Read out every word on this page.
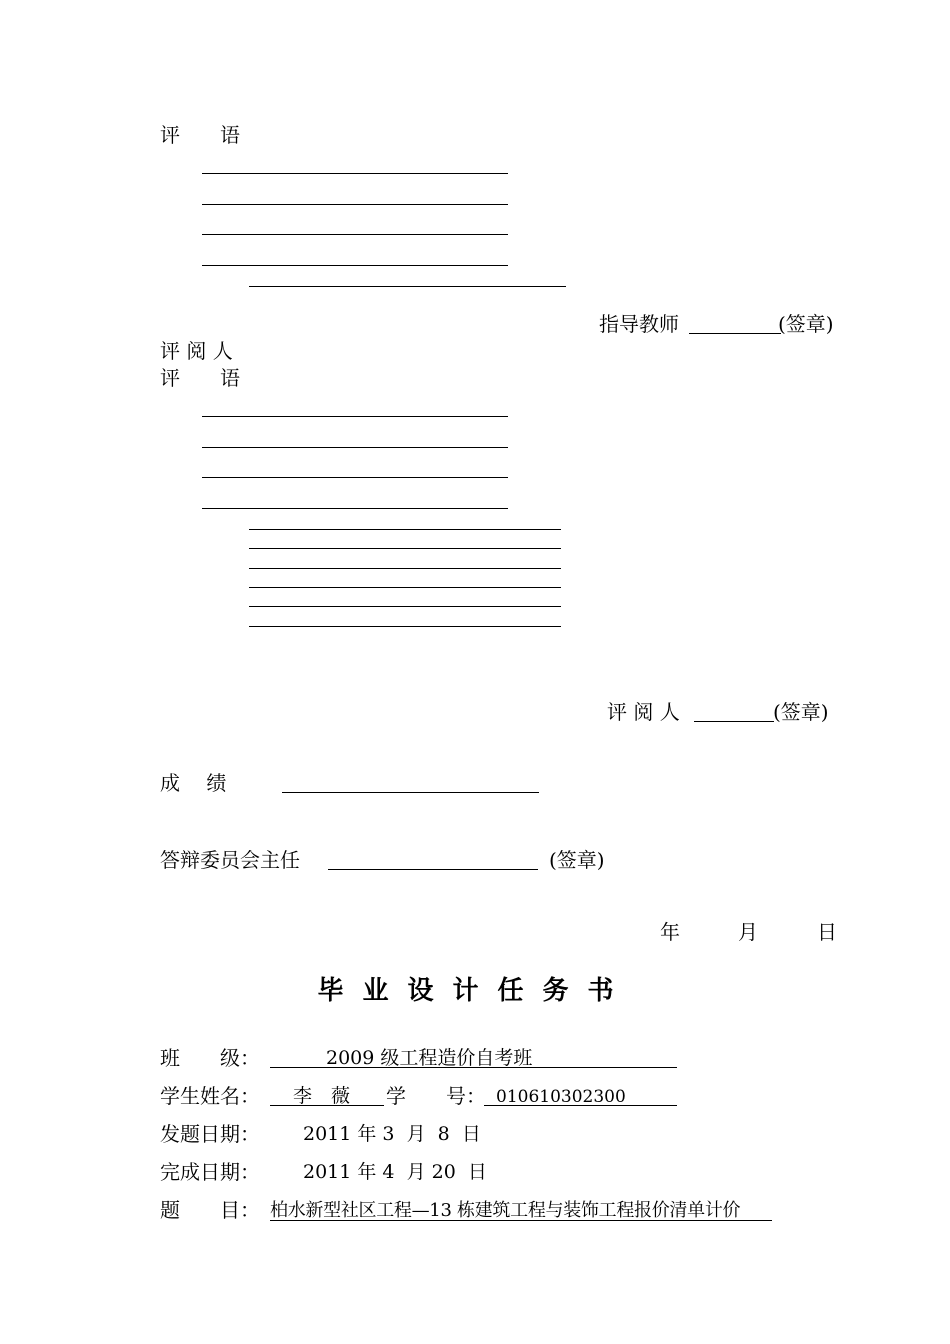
评　　语
指导教师	(签章)
评 阅 人
评　　语
评 阅 人	(签章)
成　 绩
答辩委员会主任	(签章)
年	月	日
毕业设计任务书
班　　级：	2009 级工程造价自考班
学生姓名： 李　薇 学　　号： 010610302300
发题日期： 2011 年 3  月  8  日
完成日期： 2011 年 4  月 20  日
题　　目： 柏水新型社区工程—13 栋建筑工程与装饰工程报价清单计价
